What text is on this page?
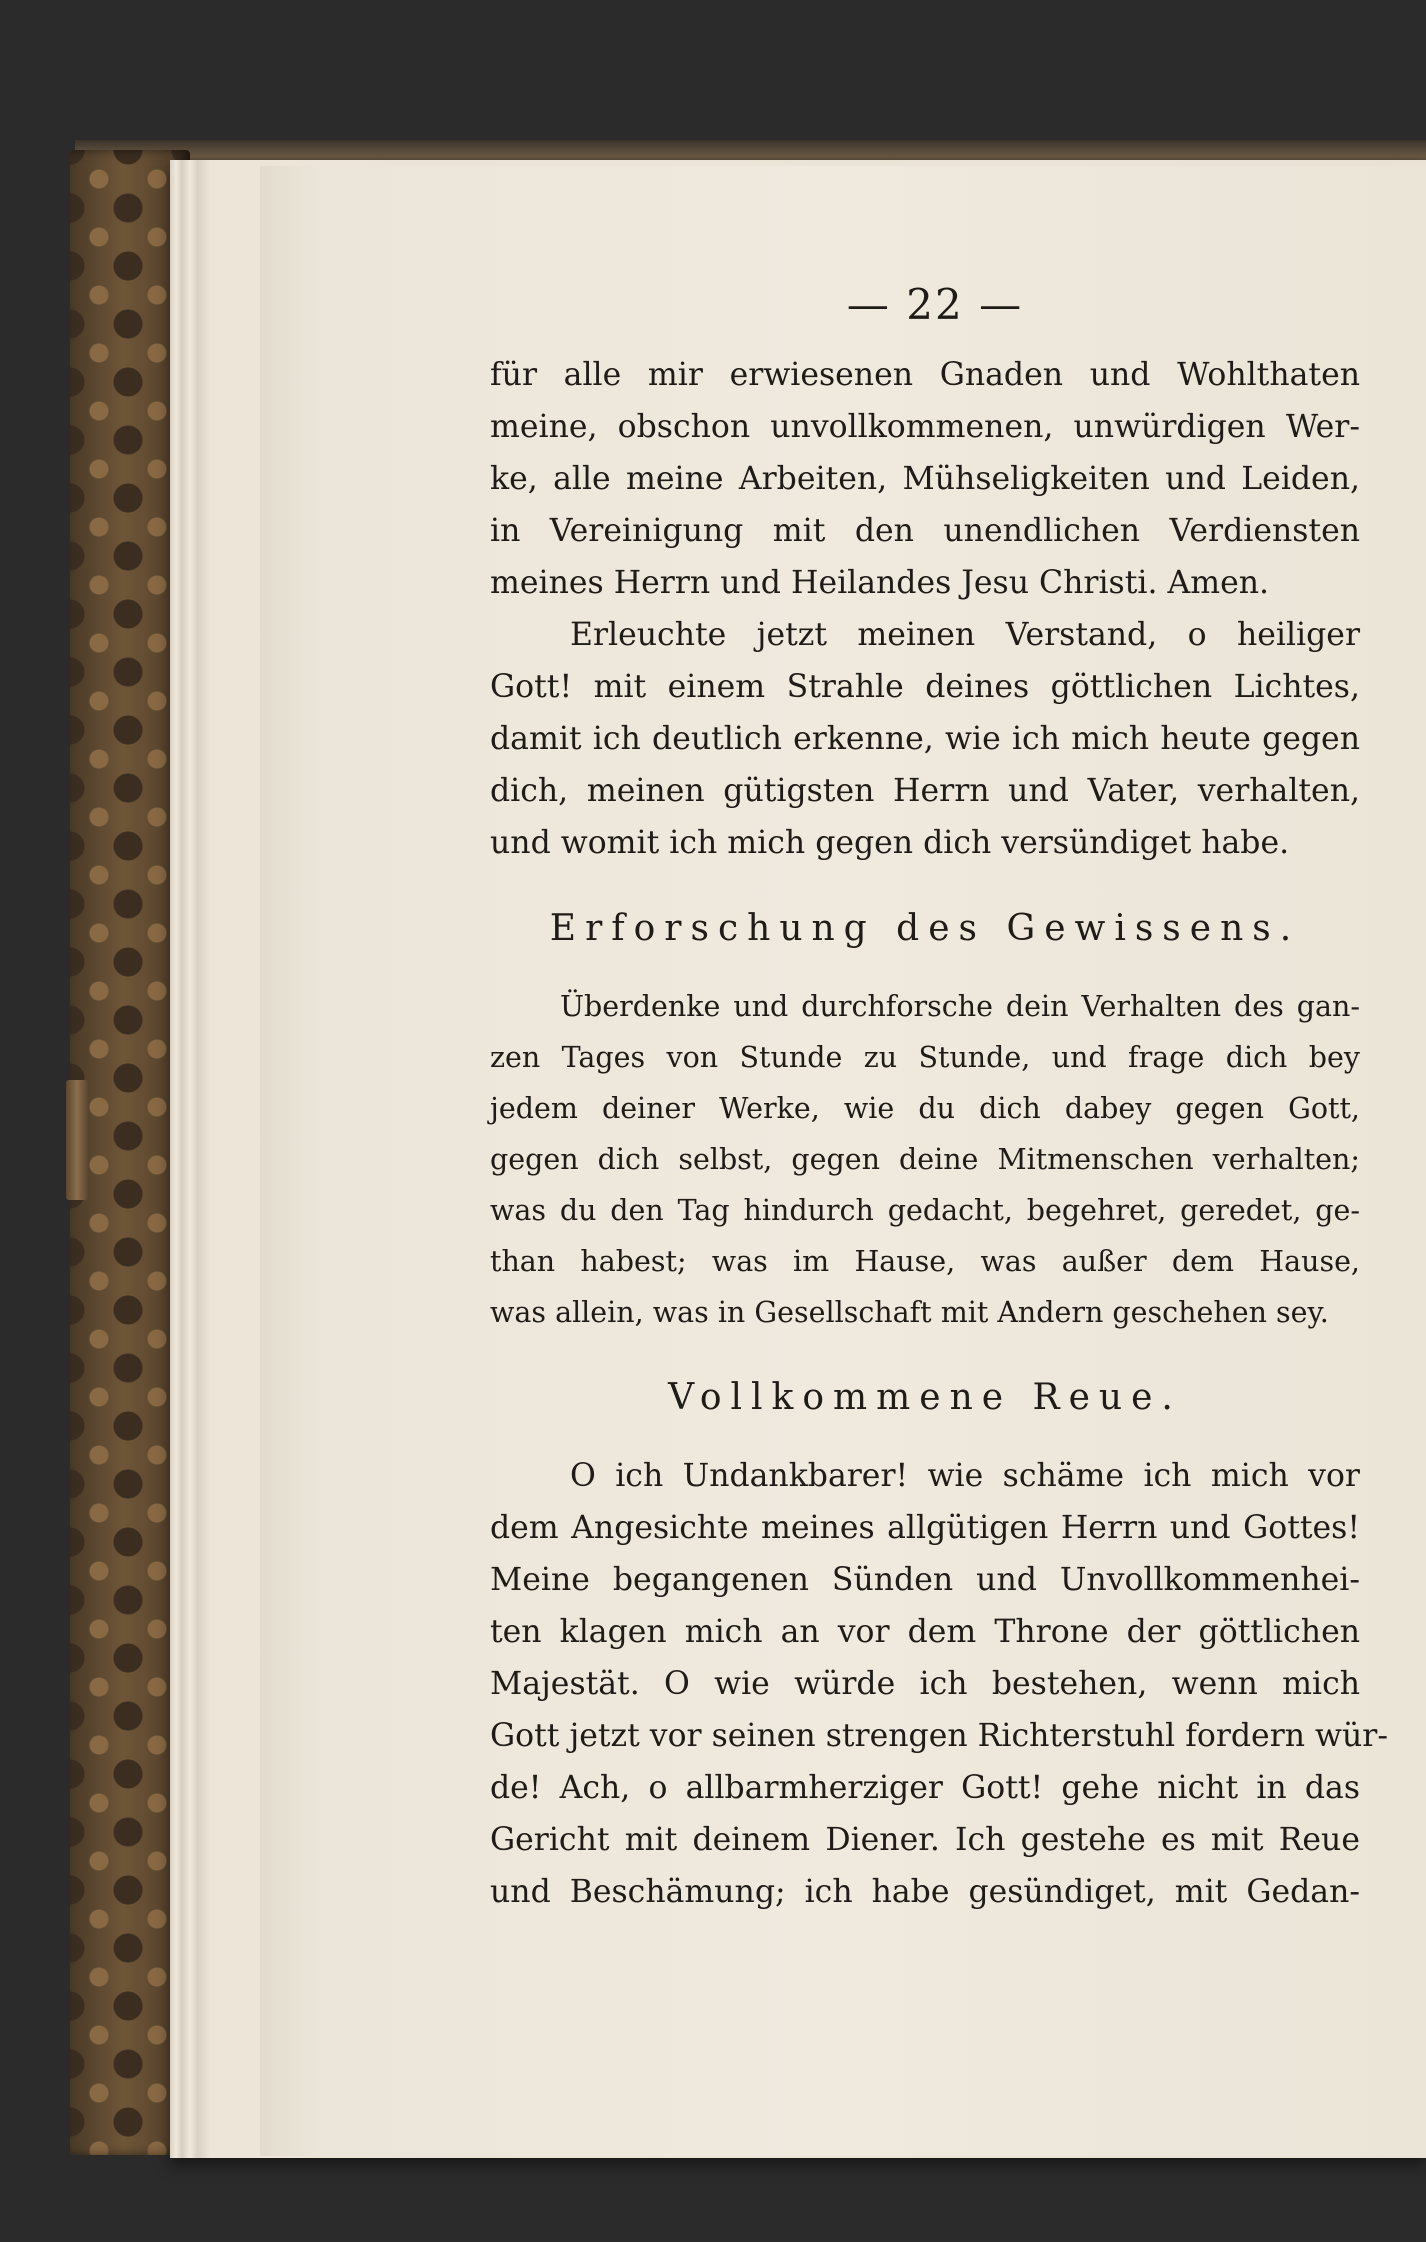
— 22 —

für alle mir erwiesenen Gnaden und Wohlthaten
meine, obschon unvollkommenen, unwürdigen Wer-
ke, alle meine Arbeiten, Mühseligkeiten und Leiden,
in Vereinigung mit den unendlichen Verdiensten
meines Herrn und Heilandes Jesu Christi. Amen.

Erleuchte jetzt meinen Verstand, o heiliger
Gott! mit einem Strahle deines göttlichen Lichtes,
damit ich deutlich erkenne, wie ich mich heute gegen
dich, meinen gütigsten Herrn und Vater, verhalten,
und womit ich mich gegen dich versündiget habe.

Erforschung des Gewissens.

Überdenke und durchforsche dein Verhalten des gan-
zen Tages von Stunde zu Stunde, und frage dich bey
jedem deiner Werke, wie du dich dabey gegen Gott,
gegen dich selbst, gegen deine Mitmenschen verhalten;
was du den Tag hindurch gedacht, begehret, geredet, ge-
than habest; was im Hause, was außer dem Hause,
was allein, was in Gesellschaft mit Andern geschehen sey.

Vollkommene Reue.

O ich Undankbarer! wie schäme ich mich vor
dem Angesichte meines allgütigen Herrn und Gottes!
Meine begangenen Sünden und Unvollkommenhei-
ten klagen mich an vor dem Throne der göttlichen
Majestät. O wie würde ich bestehen, wenn mich
Gott jetzt vor seinen strengen Richterstuhl fordern wür-
de! Ach, o allbarmherziger Gott! gehe nicht in das
Gericht mit deinem Diener. Ich gestehe es mit Reue
und Beschämung; ich habe gesündiget, mit Gedan-
